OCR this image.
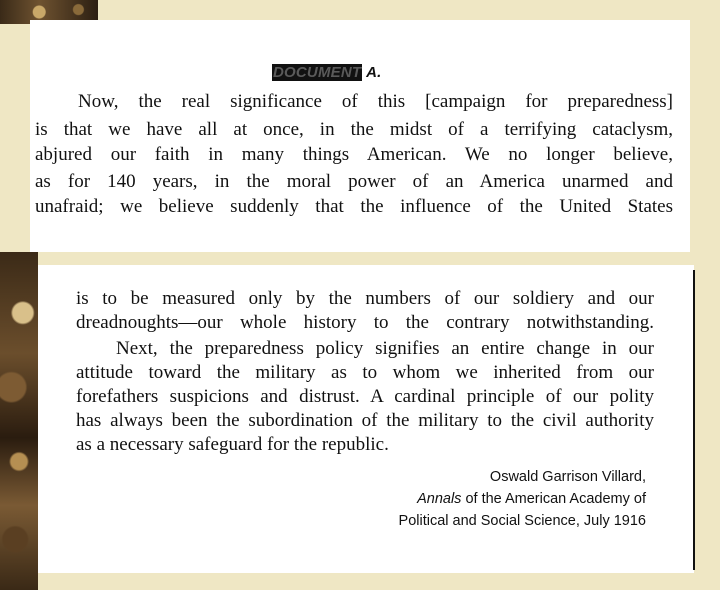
DOCUMENT A.
Now, the real significance of this [campaign for preparedness]
is that we have all at once, in the midst of a terrifying cataclysm,
abjured our faith in many things American. We no longer believe,
as for 140 years, in the moral power of an America unarmed and
unafraid; we believe suddenly that the influence of the United States
is to be measured only by the numbers of our soldiery and our
dreadnoughts—our whole history to the contrary notwithstanding.
Next, the preparedness policy signifies an entire change in our
attitude toward the military as to whom we inherited from our
forefathers suspicions and distrust. A cardinal principle of our polity
has always been the subordination of the military to the civil authority
as a necessary safeguard for the republic.
Oswald Garrison Villard,
Annals of the American Academy of
Political and Social Science, July 1916
